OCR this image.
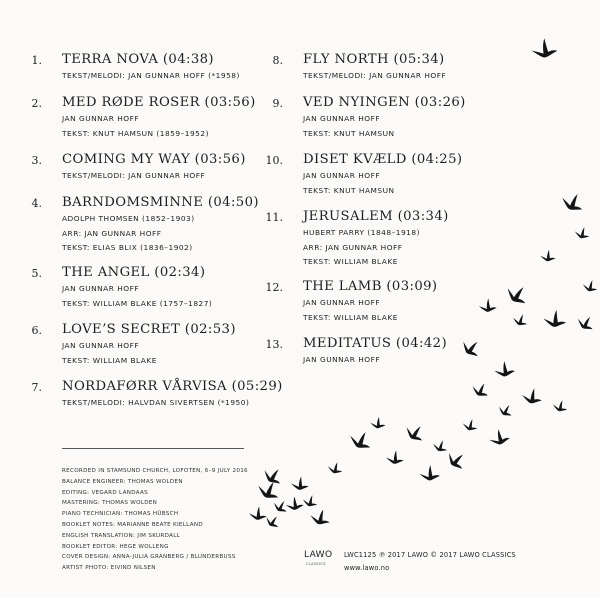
1. TERRA NOVA (04:38)
TEKST/MELODI: JAN GUNNAR HOFF (*1958)
2. MED RØDE ROSER (03:56)
JAN GUNNAR HOFF
TEKST: KNUT HAMSUN (1859–1952)
3. COMING MY WAY (03:56)
TEKST/MELODI: JAN GUNNAR HOFF
4. BARNDOMSMINNE (04:50)
ADOLPH THOMSEN (1852–1903)
ARR: JAN GUNNAR HOFF
TEKST: ELIAS BLIX (1836–1902)
5. THE ANGEL (02:34)
JAN GUNNAR HOFF
TEKST: WILLIAM BLAKE (1757–1827)
6. LOVE’S SECRET (02:53)
JAN GUNNAR HOFF
TEKST: WILLIAM BLAKE
7. NORDAFØRR VÅRVISA (05:29)
TEKST/MELODI: HALVDAN SIVERTSEN (*1950)
8. FLY NORTH (05:34)
TEKST/MELODI: JAN GUNNAR HOFF
9. VED NYINGEN (03:26)
JAN GUNNAR HOFF
TEKST: KNUT HAMSUN
10. DISET KVÆLD (04:25)
JAN GUNNAR HOFF
TEKST: KNUT HAMSUN
11. JERUSALEM (03:34)
HUBERT PARRY (1848–1918)
ARR: JAN GUNNAR HOFF
TEKST: WILLIAM BLAKE
12. THE LAMB (03:09)
JAN GUNNAR HOFF
TEKST: WILLIAM BLAKE
13. MEDITATUS (04:42)
JAN GUNNAR HOFF
RECORDED IN STAMSUND CHURCH, LOFOTEN, 6–9 JULY 2016
BALANCE ENGINEER: THOMAS WOLDEN
EDITING: VEGARD LANDAAS
MASTERING: THOMAS WOLDEN
PIANO TECHNICIAN: THOMAS HÜBSCH
BOOKLET NOTES: MARIANNE BEATE KIELLAND
ENGLISH TRANSLATION: JIM SKURDALL
BOOKLET EDITOR: HEGE WOLLENG
COVER DESIGN: ANNA-JULIA GRANBERG / BLUNDERBUSS
ARTIST PHOTO: EIVIND NILSEN
LAWO
CLASSICS
LWC1125 ℗ 2017 LAWO © 2017 LAWO CLASSICS
www.lawo.no
